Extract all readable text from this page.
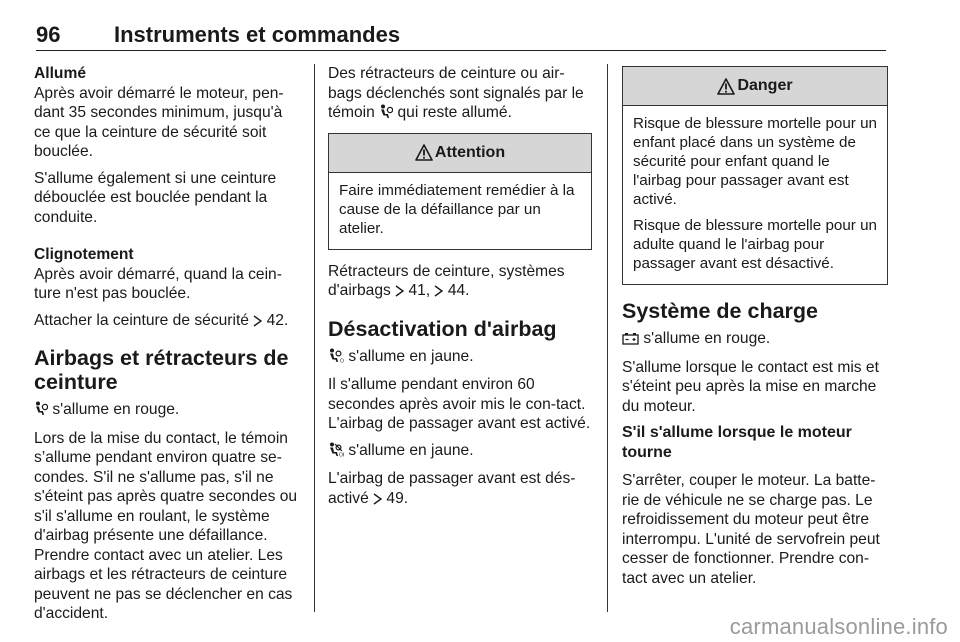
96 Instruments et commandes

Allumé

Après avoir démarré le moteur, pen-dant 35 secondes minimum, jusqu'à ce que la ceinture de sécurité soit bouclée.

S'allume également si une ceinture débouclée est bouclée pendant la conduite.

Clignotement

Après avoir démarré, quand la cein-ture n'est pas bouclée.

Attacher la ceinture de sécurité  42.

Airbags et rétracteurs de ceinture

s'allume en rouge.

Lors de la mise du contact, le témoin s’allume pendant environ quatre se-condes. S'il ne s'allume pas, s'il ne s'éteint pas après quatre secondes ou s'il s'allume en roulant, le système d'airbag présente une défaillance. Prendre contact avec un atelier. Les airbags et les rétracteurs de ceinture peuvent ne pas se déclencher en cas d'accident.

Des rétracteurs de ceinture ou air-bags déclenchés sont signalés par le témoin  qui reste allumé.

Attention

Faire immédiatement remédier à la cause de la défaillance par un atelier.

Rétracteurs de ceinture, systèmes d'airbags  41,  44.

Désactivation d'airbag

O s'allume en jaune.

Il s'allume pendant environ 60 secondes après avoir mis le con-tact. L'airbag de passager avant est activé.

O s'allume en jaune.

L'airbag de passager avant est dés-activé  49.

Danger

Risque de blessure mortelle pour un enfant placé dans un système de sécurité pour enfant quand le l'airbag pour passager avant est activé.

Risque de blessure mortelle pour un adulte quand le l'airbag pour passager avant est désactivé.

Système de charge

s'allume en rouge.

S'allume lorsque le contact est mis et s'éteint peu après la mise en marche du moteur.

S'il s'allume lorsque le moteur tourne

S'arrêter, couper le moteur. La batte-rie de véhicule ne se charge pas. Le refroidissement du moteur peut être interrompu. L'unité de servofrein peut cesser de fonctionner. Prendre con-tact avec un atelier.

carmanualsonline.info
